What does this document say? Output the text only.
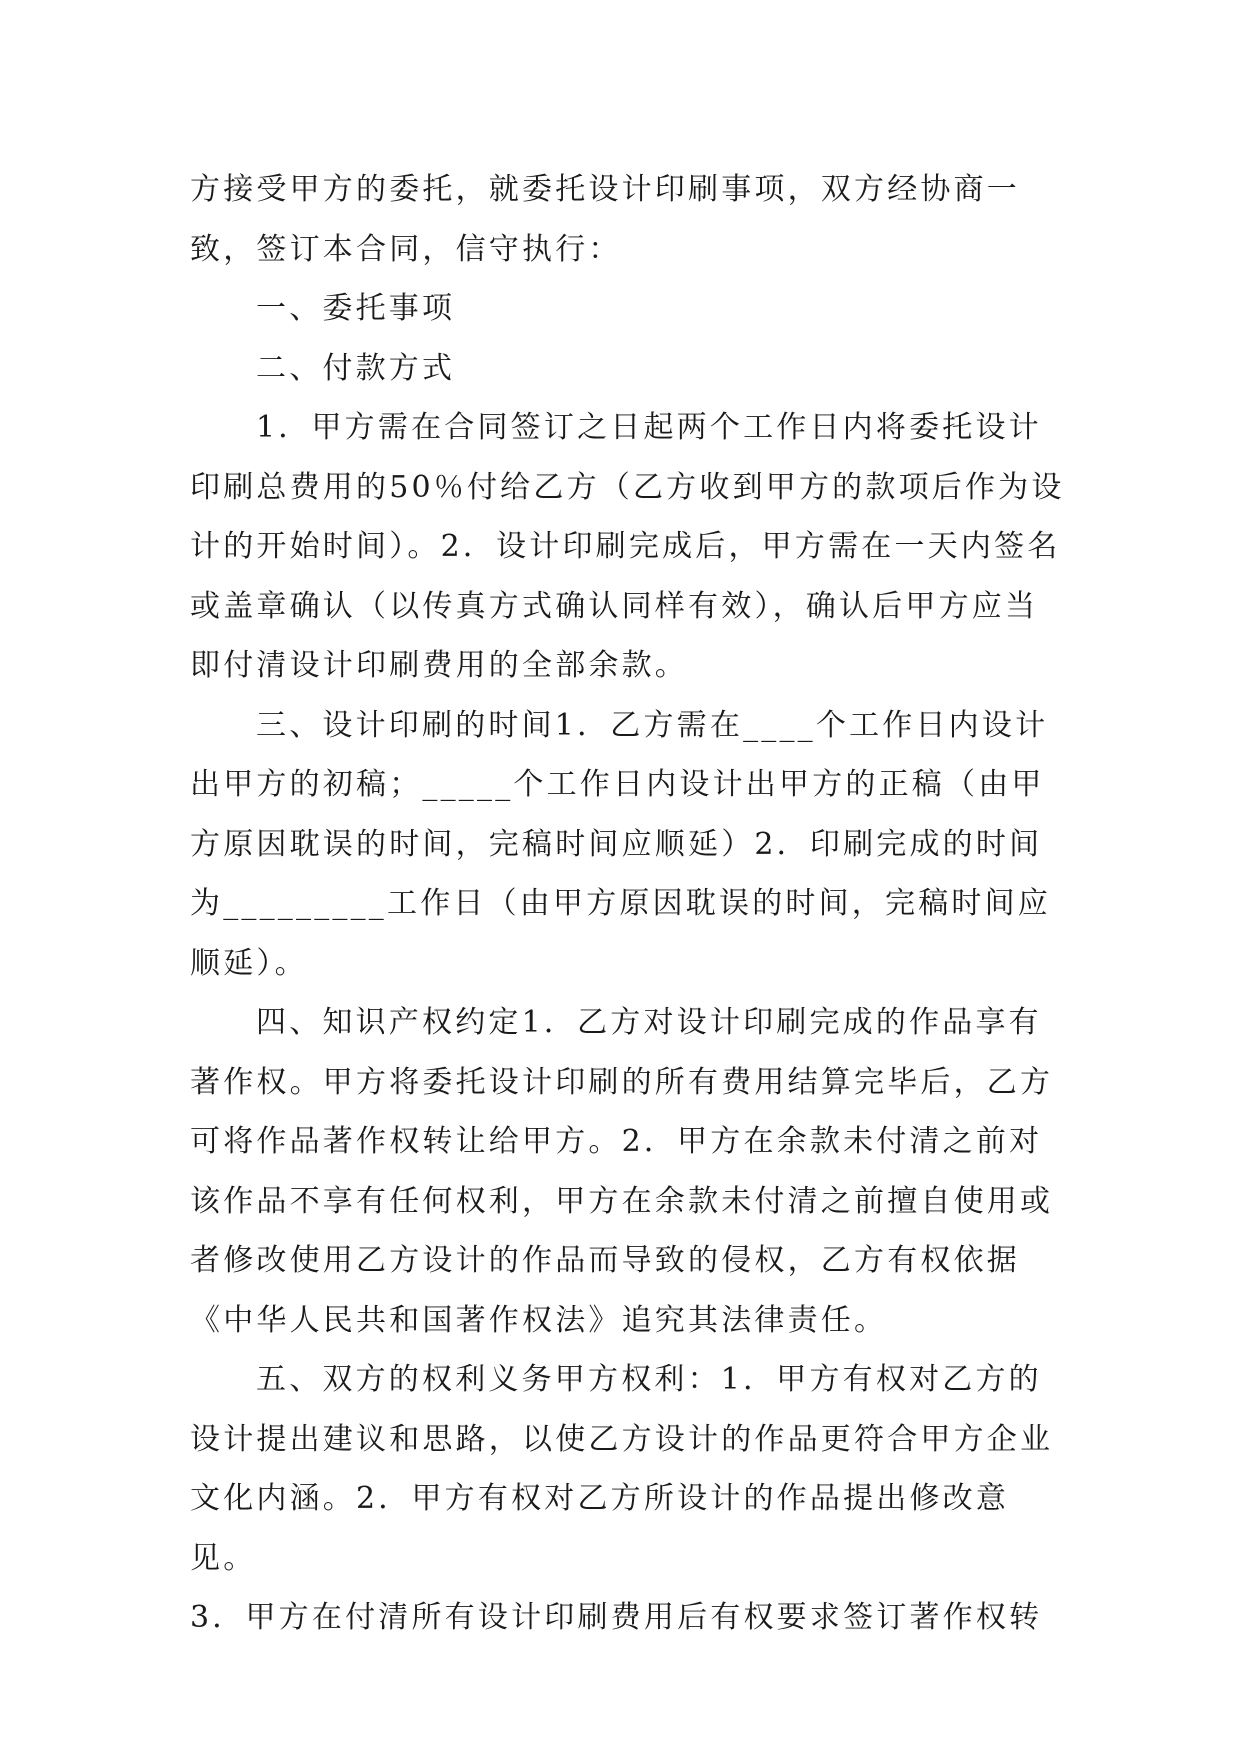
方接受甲方的委托，就委托设计印刷事项，双方经协商一致，签订本合同，信守执行：

一、委托事项

二、付款方式

1．甲方需在合同签订之日起两个工作日内将委托设计印刷总费用的50％付给乙方（乙方收到甲方的款项后作为设计的开始时间）。2．设计印刷完成后，甲方需在一天内签名或盖章确认（以传真方式确认同样有效），确认后甲方应当即付清设计印刷费用的全部余款。

三、设计印刷的时间1．乙方需在____个工作日内设计出甲方的初稿；_____个工作日内设计出甲方的正稿（由甲方原因耽误的时间，完稿时间应顺延）2．印刷完成的时间为_________工作日（由甲方原因耽误的时间，完稿时间应顺延）。

四、知识产权约定1．乙方对设计印刷完成的作品享有著作权。甲方将委托设计印刷的所有费用结算完毕后，乙方可将作品著作权转让给甲方。2．甲方在余款未付清之前对该作品不享有任何权利，甲方在余款未付清之前擅自使用或者修改使用乙方设计的作品而导致的侵权，乙方有权依据《中华人民共和国著作权法》追究其法律责任。

五、双方的权利义务甲方权利：1．甲方有权对乙方的设计提出建议和思路，以使乙方设计的作品更符合甲方企业文化内涵。2．甲方有权对乙方所设计的作品提出修改意见。

3．甲方在付清所有设计印刷费用后有权要求签订著作权转
